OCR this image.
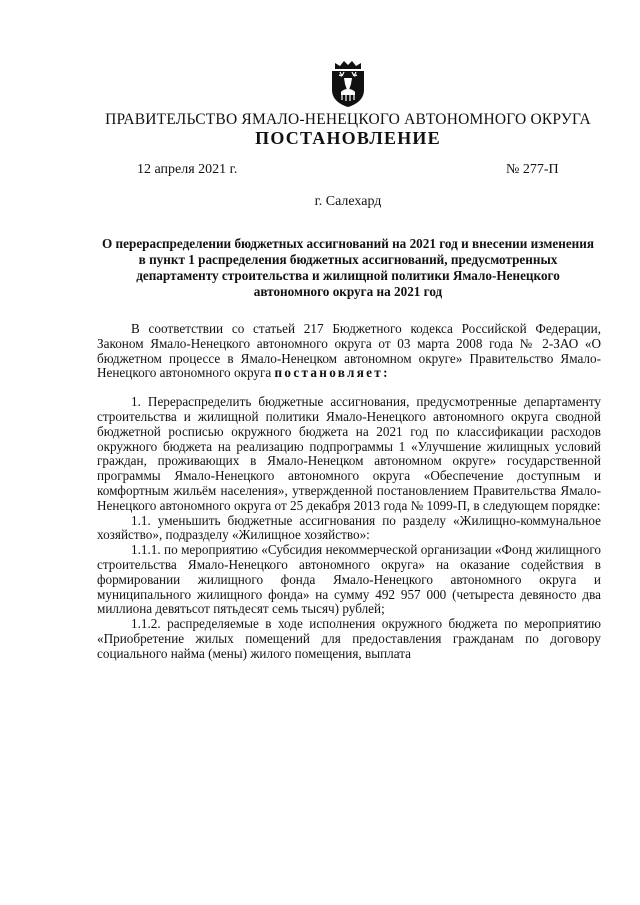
ПРАВИТЕЛЬСТВО ЯМАЛО-НЕНЕЦКОГО АВТОНОМНОГО ОКРУГА
ПОСТАНОВЛЕНИЕ
12 апреля 2021 г.	№ 277-П
г. Салехард
О перераспределении бюджетных ассигнований на 2021 год и внесении изменения в пункт 1 распределения бюджетных ассигнований, предусмотренных департаменту строительства и жилищной политики Ямало-Ненецкого автономного округа на 2021 год

В соответствии со статьей 217 Бюджетного кодекса Российской Федерации, Законом Ямало-Ненецкого автономного округа от 03 марта 2008 года № 2-ЗАО «О бюджетном процессе в Ямало-Ненецком автономном округе» Правительство Ямало-Ненецкого автономного округа постановляет:

1. Перераспределить бюджетные ассигнования, предусмотренные департаменту строительства и жилищной политики Ямало-Ненецкого автономного округа сводной бюджетной росписью окружного бюджета на 2021 год по классификации расходов окружного бюджета на реализацию подпрограммы 1 «Улучшение жилищных условий граждан, проживающих в Ямало-Ненецком автономном округе» государственной программы Ямало-Ненецкого автономного округа «Обеспечение доступным и комфортным жильём населения», утвержденной постановлением Правительства Ямало-Ненецкого автономного округа от 25 декабря 2013 года № 1099-П, в следующем порядке:

1.1. уменьшить бюджетные ассигнования по разделу «Жилищно-коммунальное хозяйство», подразделу «Жилищное хозяйство»:

1.1.1. по мероприятию «Субсидия некоммерческой организации «Фонд жилищного строительства Ямало-Ненецкого автономного округа» на оказание содействия в формировании жилищного фонда Ямало-Ненецкого автономного округа и муниципального жилищного фонда» на сумму 492 957 000 (четыреста девяносто два миллиона девятьсот пятьдесят семь тысяч) рублей;

1.1.2. распределяемые в ходе исполнения окружного бюджета по мероприятию «Приобретение жилых помещений для предоставления гражданам по договору социального найма (мены) жилого помещения, выплата
